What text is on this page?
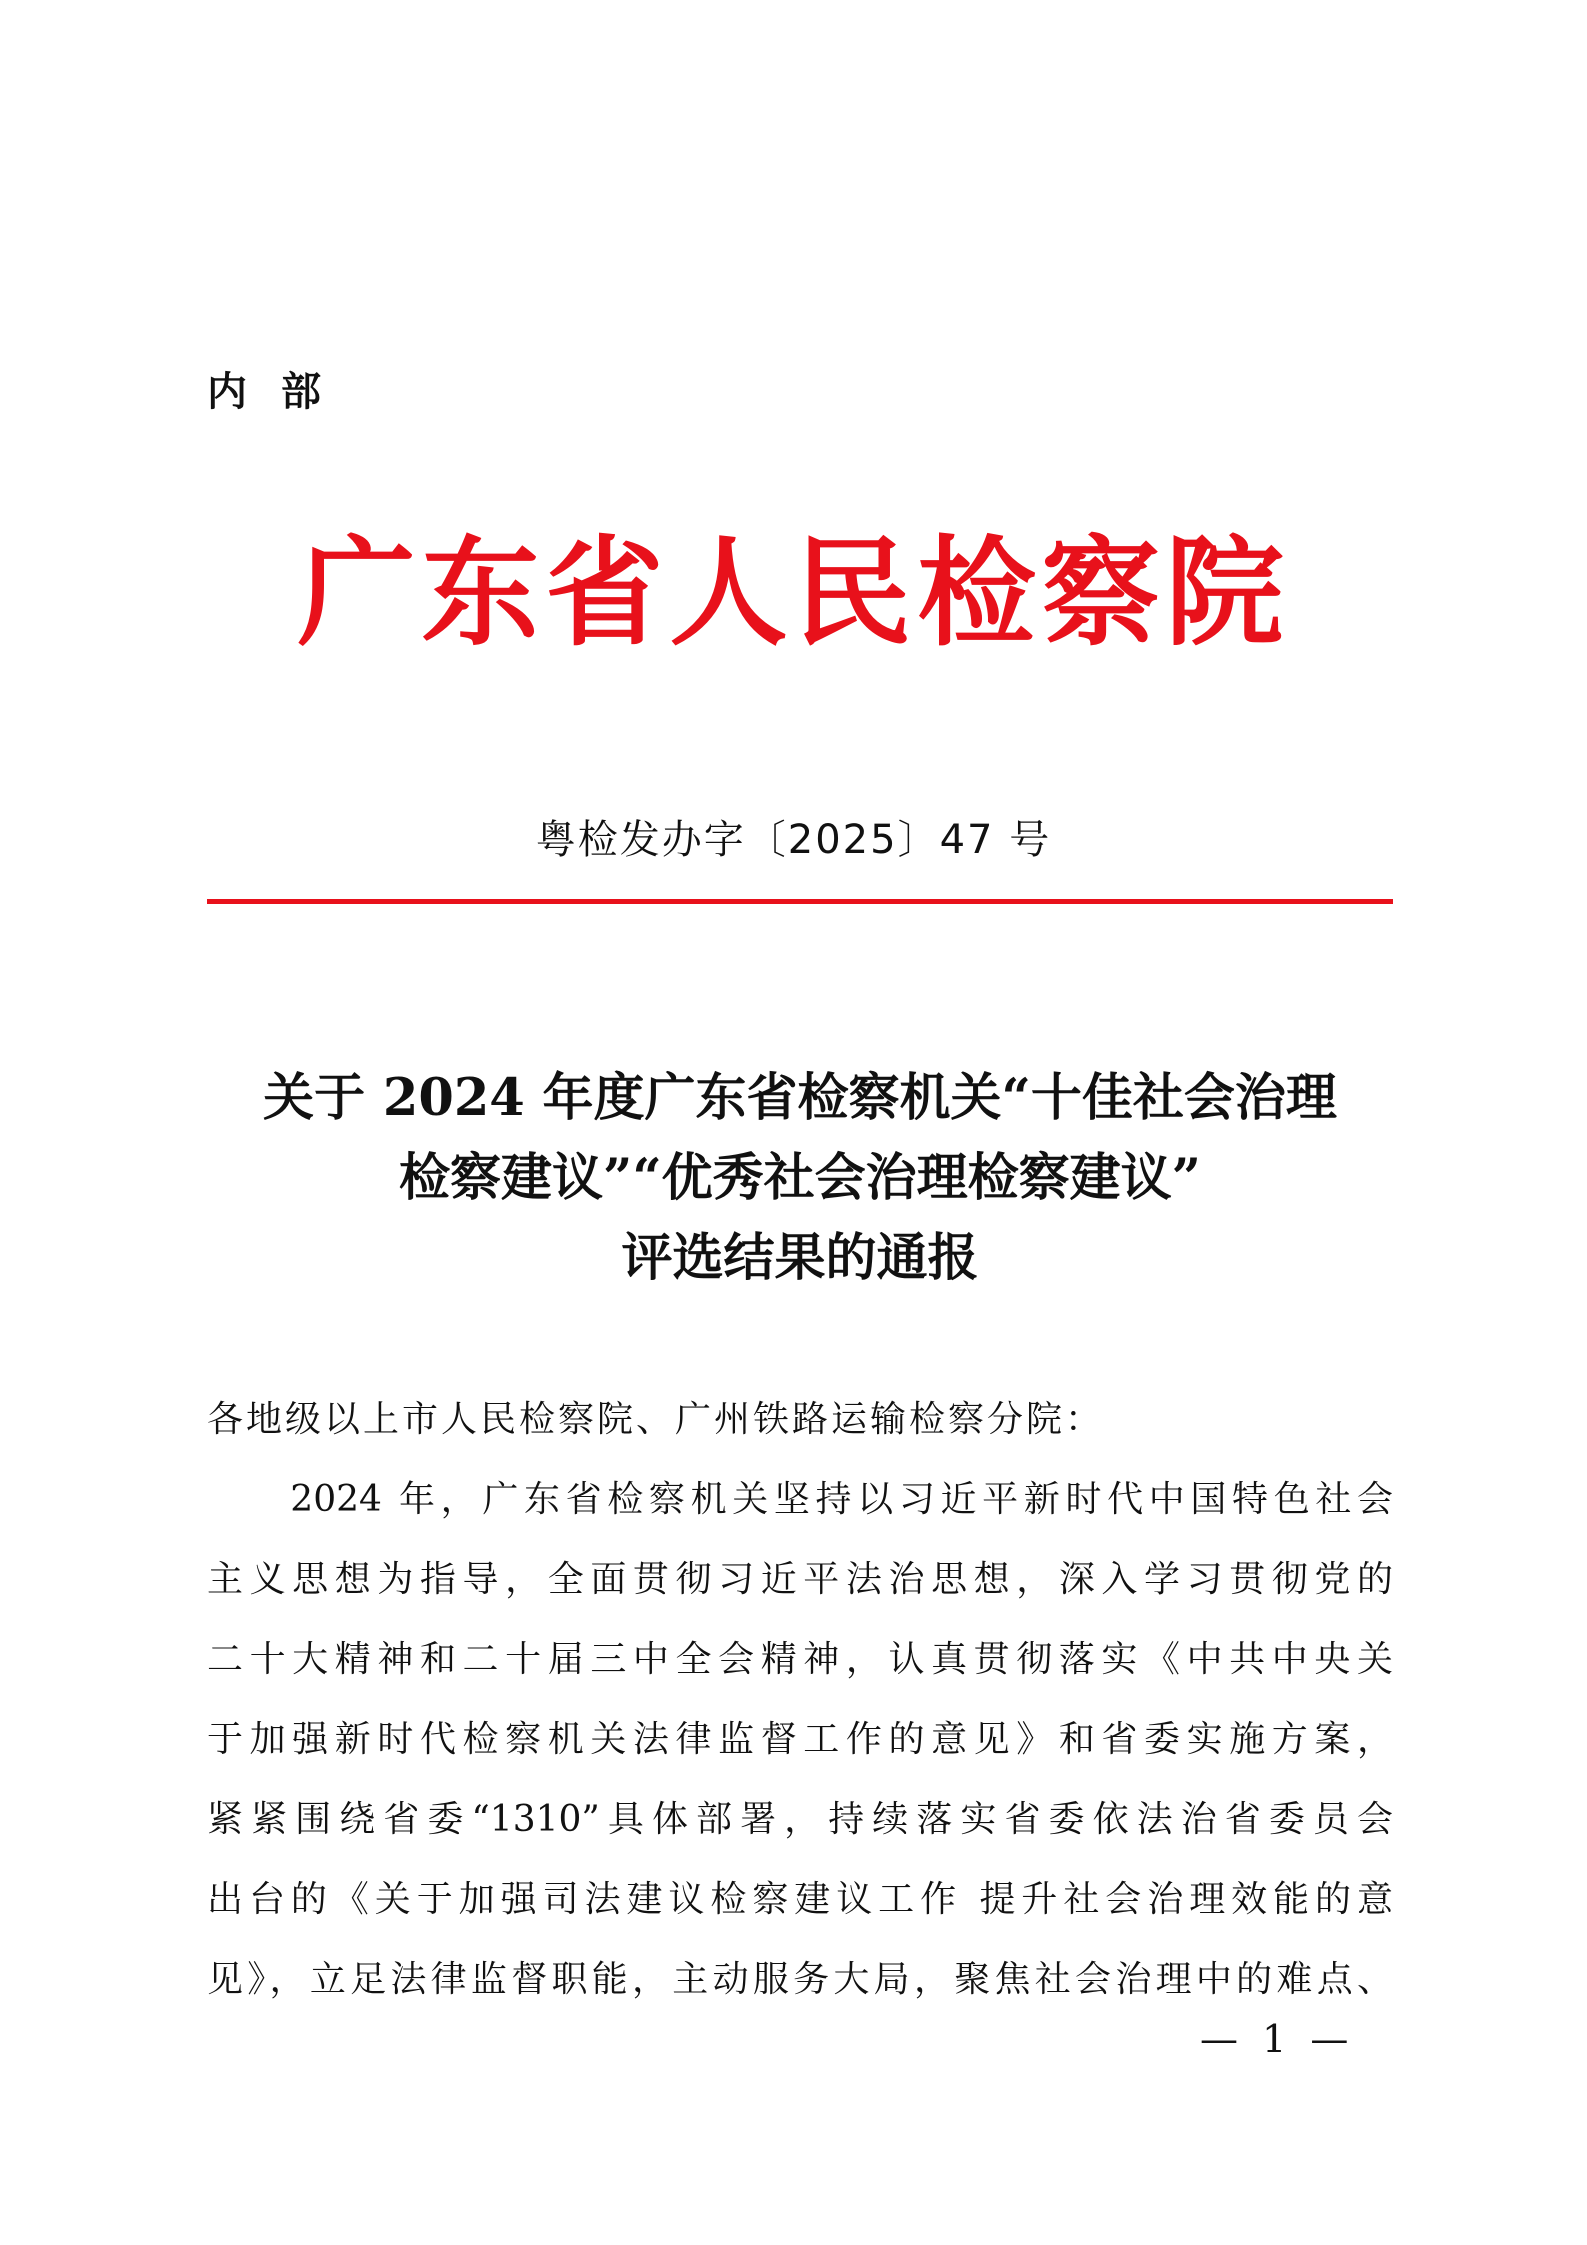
内部
广东省人民检察院
粤检发办字〔2025〕47 号
关于 2024 年度广东省检察机关“十佳社会治理
检察建议”“优秀社会治理检察建议”
评选结果的通报
各地级以上市人民检察院、广州铁路运输检察分院：
　　2024 年，广东省检察机关坚持以习近平新时代中国特色社会
主义思想为指导，全面贯彻习近平法治思想，深入学习贯彻党的
二十大精神和二十届三中全会精神，认真贯彻落实《中共中央关
于加强新时代检察机关法律监督工作的意见》和省委实施方案，
紧紧围绕省委“1310”具体部署，持续落实省委依法治省委员会
出台的《关于加强司法建议检察建议工作 提升社会治理效能的意
见》，立足法律监督职能，主动服务大局，聚焦社会治理中的难点、
— 1 —
